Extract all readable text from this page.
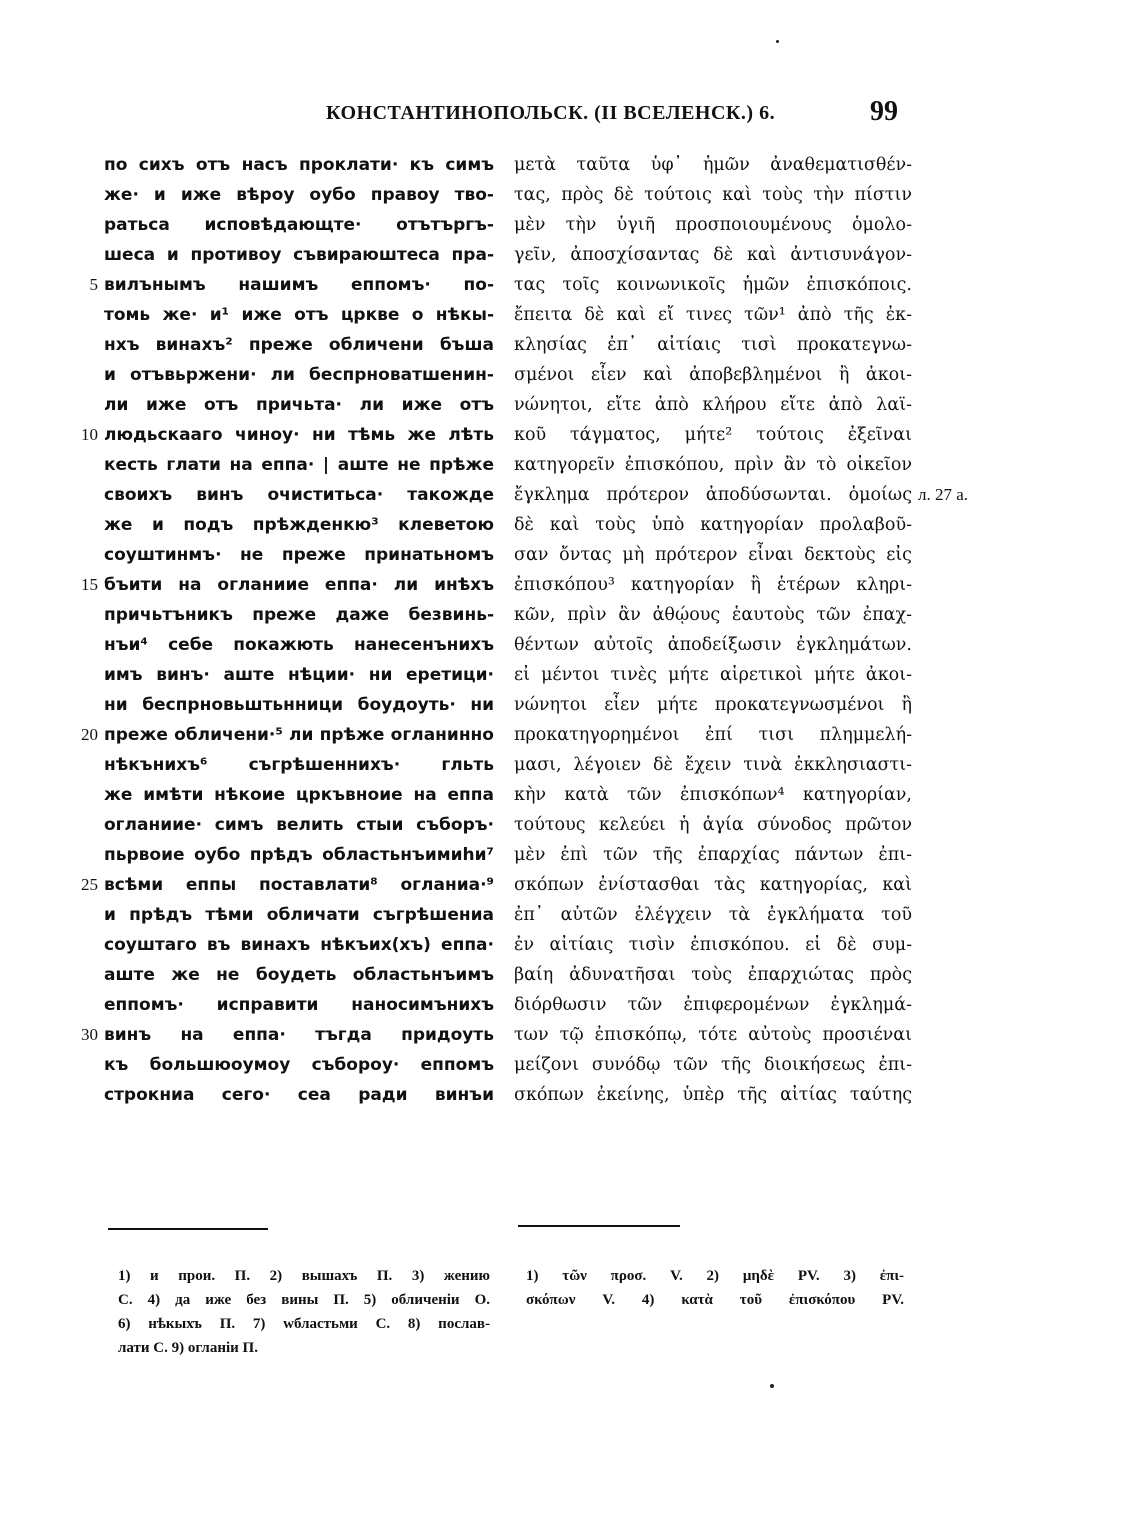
КОНСТАНТИНОПОЛЬСК. (II ВСЕЛЕНСК.) 6.	99
5
10
15
20
25
30
по сихъ отъ насъ проклати· къ симъ
же· и иже вѣроу оубо правоу тво-
ратьса исповѣдающте· отътъргъ-
шеса и противоу съвираюштеса пра-
вилънымъ нашимъ еппомъ· по-
томь же· и¹ иже отъ цркве о нѣкы-
нхъ винахъ² преже обличени бъша
и отъвьржени· ли беспрноватшенин-
ли иже отъ причьта· ли иже отъ
людьскааго чиноу· ни тѣмь же лѣть
кесть глати на еппа· | аште не прѣже
своихъ винъ очиститьса· такожде
же и подъ прѣжденкю³ клеветою
соуштинмъ· не преже принатьномъ
бъити на огланиие еппа· ли инѣхъ
причьтъникъ преже даже безвинь-
нъи⁴ себе покажють нанесенънихъ
имъ винъ· аште нѣции· ни еретици·
ни беспрновьштьнници боудоуть· ни
преже обличени·⁵ ли прѣже огланинно
нѣкънихъ⁶ съгрѣшеннихъ· гльть
же имѣти нѣкоие цркъвноие на еппа
огланиие· симъ велить стыи съборъ·
пьрвоие оубо прѣдъ областьнъимиhи⁷
всѣми еппы поставлати⁸ огланиа·⁹
и прѣдъ тѣми обличати съгрѣшениа
соуштаго въ винахъ нѣкъих(хъ) еппа·
аште же не боудеть областьнъимъ
еппомъ· исправити наносимънихъ
винъ на еппа· тъгда придоуть
къ большюоумоу събороу· еппомъ
строкниа сего· сеа ради винъи
μετὰ ταῦτα ὑφ᾽ ἡμῶν ἀναθεματισθέν-
τας, πρὸς δὲ τούτοις καὶ τοὺς τὴν πίστιν
μὲν τὴν ὑγιῆ προσποιουμένους ὁμολο-
γεῖν, ἀποσχίσαντας δὲ καὶ ἀντισυνάγον-
τας τοῖς κοινωνικοῖς ἡμῶν ἐπισκόποις.
ἔπειτα δὲ καὶ εἴ τινες τῶν¹ ἀπὸ τῆς ἐκ-
κλησίας ἐπ᾽ αἰτίαις τισὶ προκατεγνω-
σμένοι εἶεν καὶ ἀποβεβλημένοι ἢ ἀκοι-
νώνητοι, εἴτε ἀπὸ κλήρου εἴτε ἀπὸ λαϊ-
κοῦ τάγματος, μήτε² τούτοις ἐξεῖναι
κατηγορεῖν ἐπισκόπου, πρὶν ἂν τὸ οἰκεῖον
ἔγκλημα πρότερον ἀποδύσωνται. ὁμοίως
δὲ καὶ τοὺς ὑπὸ κατηγορίαν προλαβοῦ-
σαν ὄντας μὴ πρότερον εἶναι δεκτοὺς εἰς
ἐπισκόπου³ κατηγορίαν ἢ ἑτέρων κληρι-
κῶν, πρὶν ἂν ἀθῴους ἑαυτοὺς τῶν ἐπαχ-
θέντων αὐτοῖς ἀποδείξωσιν ἐγκλημάτων.
εἰ μέντοι τινὲς μήτε αἱρετικοὶ μήτε ἀκοι-
νώνητοι εἶεν μήτε προκατεγνωσμένοι ἢ
προκατηγορημένοι ἐπί τισι πλημμελή-
μασι, λέγοιεν δὲ ἔχειν τινὰ ἐκκλησιαστι-
κὴν κατὰ τῶν ἐπισκόπων⁴ κατηγορίαν,
τούτους κελεύει ἡ ἁγία σύνοδος πρῶτον
μὲν ἐπὶ τῶν τῆς ἐπαρχίας πάντων ἐπι-
σκόπων ἐνίστασθαι τὰς κατηγορίας, καὶ
ἐπ᾽ αὐτῶν ἐλέγχειν τὰ ἐγκλήματα τοῦ
ἐν αἰτίαις τισὶν ἐπισκόπου. εἰ δὲ συμ-
βαίη ἀδυνατῆσαι τοὺς ἐπαρχιώτας πρὸς
διόρθωσιν τῶν ἐπιφερομένων ἐγκλημά-
των τῷ ἐπισκόπῳ, τότε αὐτοὺς προσιέναι
μείζονι συνόδῳ τῶν τῆς διοικήσεως ἐπι-
σκόπων ἐκείνης, ὑπὲρ τῆς αἰτίας ταύτης
л. 27 а.
1) и прои. П. 2) вышахъ П. 3) жению
С. 4) да иже без вины П. 5) обличенiи О.
6) нѣкыхъ П. 7) wбластьми С. 8) послав-
лати С. 9) огланiи П.
1) τῶν προσ. V. 2) μηδὲ PV. 3) ἐπι-
σκόπων V. 4) κατὰ τοῦ ἐπισκόπου PV.
